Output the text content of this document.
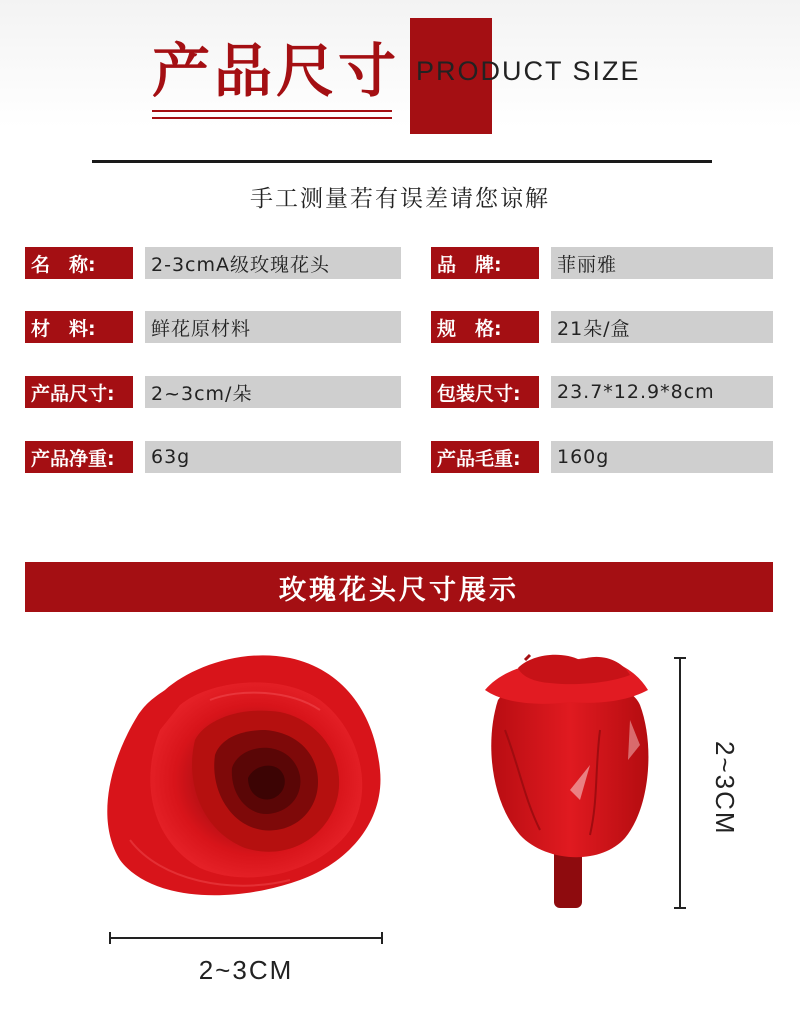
产品尺寸 PRODUCT SIZE
手工测量若有误差请您谅解
名　称:	2-3cmA级玫瑰花头	品　牌:	菲丽雅
材　料:	鲜花原材料	规　格:	21朵/盒
产品尺寸:	2~3cm/朵	包装尺寸:	23.7*12.9*8cm
产品净重:	63g	产品毛重:	160g
玫瑰花头尺寸展示
2~3CM
2~3CM
